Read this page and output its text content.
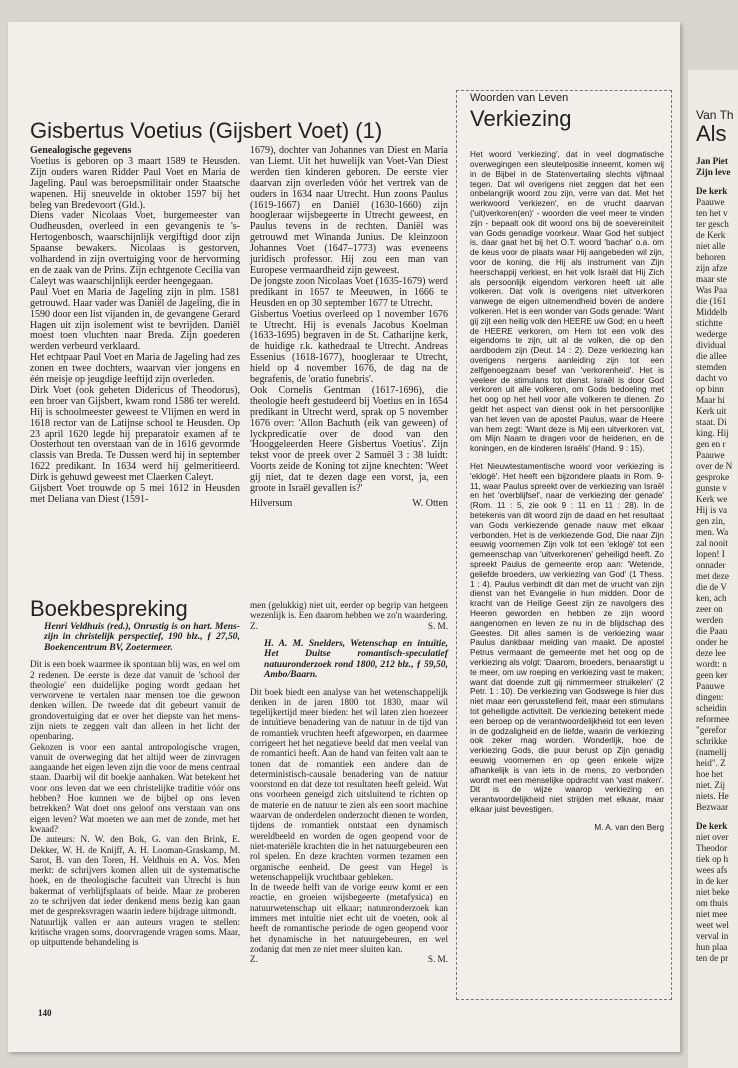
Van Th
Als
Jan Piet
Zijn leve
De kerk
Paauwe
ten het v
ter gesch
de Kerk
niet alle
behoren
zijn afze
maar ste
Was Paa
die (161
Middelb
stichtte
wederge
dividual
die allee
stemden
dacht vo
op binn
Maar hi
Kerk uit
staat. Di
king. Hij
gen en r
Paauwe
over de N
gesproke
gunste v
Kerk we
Hij is va
gen zin,
men. Wa
zal nooit
lopen! I
onnader
met deze
die de V
ken, ach
zeer on
werden
die Paau
onder he
deze lee
wordt: n
geen ker
Paauwe
dingen:
scheidin
reformee
"gerefor
schrikke
(namelij
heid". Z
hoe het
niet. Zij
niets. He
Bezwaar
De kerk
niet over
Theodor
tiek op h
wees afs
in de ker
niet beke
om thuis
niet mee
weet wel
verval in
hun plaa
ten de pr
Gisbertus Voetius (Gijsbert Voet) (1)
Genealogische gegevens

Voetius is geboren op 3 maart 1589 te Heusden. Zijn ouders waren Ridder Paul Voet en Maria de Jageling. Paul was beroepsmilitair onder Staatsche wapenen. Hij sneuvelde in oktober 1597 bij het beleg van Bredevoort (Gld.).

Diens vader Nicolaas Voet, burgemeester van Oudheusden, overleed in een gevangenis te 's-Hertogenbosch, waarschijnlijk vergiftigd door zijn Spaanse bewakers. Nicolaas is gestorven, volhardend in zijn overtuiging voor de hervorming en de zaak van de Prins. Zijn echtgenote Cecilia van Caleyt was waarschijnlijk eerder heengegaan.

Paul Voet en Maria de Jageling zijn in plm. 1581 getrouwd. Haar vader was Daniël de Jageling, die in 1590 door een list vijanden in, de gevangene Gerard Hagen uit zijn isolement wist te bevrijden. Daniël moest toen vluchten naar Breda. Zijn goederen werden verbeurd verklaard.

Het echtpaar Paul Voet en Maria de Jageling had zes zonen en twee dochters, waarvan vier jongens en één meisje op jeugdige leeftijd zijn overleden.

Dirk Voet (ook geheten Didericus of Theodorus), een broer van Gijsbert, kwam rond 1586 ter wereld. Hij is schoolmeester geweest te Vlijmen en werd in 1618 rector van de Latijnse school te Heusden. Op 23 april 1620 legde hij preparatoir examen af te Oosterhout ten overstaan van de in 1616 gevormde classis van Breda. Te Dussen werd hij in september 1622 predikant. In 1634 werd hij gelmeritieerd. Dirk is gehuwd geweest met Claerken Caleyt.

Gijsbert Voet trouwde op 5 mei 1612 in Heusden met Deliana van Diest (1591-

1679), dochter van Johannes van Diest en Maria van Liemt. Uit het huwelijk van Voet-Van Diest werden tien kinderen geboren. De eerste vier daarvan zijn overleden vóór het vertrek van de ouders in 1634 naar Utrecht. Hun zoons Paulus (1619-1667) en Daniël (1630-1660) zijn hoogleraar wijsbegeerte in Utrecht geweest, en Paulus tevens in de rechten. Daniël was getrouwd met Winanda Junius. De kleinzoon Johannes Voet (1647–1773) was eveneens juridisch professor. Hij zou een man van Europese vermaardheid zijn geweest.

De jongste zoon Nicolaas Voet (1635-1679) werd predikant in 1657 te Meeuwen, in 1666 te Heusden en op 30 september 1677 te Utrecht.

Gisbertus Voetius overleed op 1 november 1676 te Utrecht. Hij is evenals Jacobus Koelman (1633-1695) begraven in de St. Catharijne kerk, de huidige r.k. kathedraal te Utrecht. Andreas Essenius (1618-1677), hoogleraar te Utrecht, hield op 4 november 1676, de dag na de begrafenis, de 'oratio funebris'.

Ook Cornelis Gentman (1617-1696), die theologie heeft gestudeerd bij Voetius en in 1654 predikant in Utrecht werd, sprak op 5 november 1676 over: 'Allon Bachuth (eik van geween) of lyckpredicatie over de dood van den 'Hooggeleerden Heere Gisbertus Voetius'. Zijn tekst voor de preek over 2 Samuël 3 : 38 luidt: Voorts zeide de Koning tot zijne knechten: 'Weet gij niet, dat te dezen dage een vorst, ja, een groote in Israël gevallen is?'

Hilversum	W. Otten
Boekbespreking
Henri Veldhuis (red.), Onrustig is on hart. Mens-zijn in christelijk perspectief, 190 blz., ƒ 27,50, Boekencentrum BV, Zoetermeer.

Dit is een boek waarmee ik spontaan blij was, en wel om 2 redenen. De eerste is deze dat vanuit de 'school der theologie' een duidelijke poging wordt gedaan het verworvene te vertalen naar mensen toe die gewoon denken willen. De tweede dat dit gebeurt vanuit de grondovertuiging dat er over het diepste van het mens-zijn niets te zeggen valt dan alleen in het licht der openbaring.

Gekozen is voor een aantal antropologische vragen, vanuit de overweging dat het altijd weer de zinvragen aangaande het eigen leven zijn die voor de mens centraal staan. Daarbij wil dit boekje aanhaken. Wat betekent het voor ons leven dat we een christelijke traditie vóór ons hebben? Hoe kunnen we de bijbel op ons leven betrekken? Wat doet ons geloof ons verstaan van ons eigen leven? Wat moeten we aan met de zonde, met het kwaad?

De auteurs: N. W. den Bok, G. van den Brink, E. Dekker, W. H. de Knijff, A. H. Looman-Graskamp, M. Sarot, B. van den Toren, H. Veldhuis en A. Vos. Men merkt: de schrijvers komen allen uit de systematische hoek, en de theologische faculteit van Utrecht is hun bakermat of verblijfsplaats of beide. Maar ze proberen zo te schrijven dat ieder denkend mens bezig kan gaan met de gespreksvragen waarin iedere bijdrage uitmondt.

Natuurlijk vallen er aan auteurs vragen te stellen: kritische vragen soms, doorvragende vragen soms. Maar, op uitputtende behandeling is

men (gelukkig) niet uit, eerder op begrip van hetgeen wezenlijk is. Een daarom hebben we zo'n waardering.

Z.	S. M.
H. A. M. Snelders, Wetenschap en intuïtie, Het Duitse romantisch-speculatief natuuronderzoek rond 1800, 212 blz., ƒ 59,50, Ambo/Baarn.

Dit boek biedt een analyse van het wetenschappelijk denken in de jaren 1800 tot 1830, maar wil tegelijkertijd meer bieden: het wil laten zien hoezeer de intuïtieve benadering van de natuur in de tijd van de romantiek vruchten heeft afgeworpen, en daarmee corrigeert het het negatieve beeld dat men veelal van de romantici heeft. Aan de hand van feiten valt aan te tonen dat de romantiek een andere dan de deterministisch-causale benadering van de natuur voorstond en dat deze tot resultaten heeft geleid. Wat ons voorheen geneigd zich uitsluitend te richten op de materie en de natuur te zien als een soort machine waarvan de onderdelen onderzocht dienen te worden, tijdens de romantiek ontstaat een dynamisch wereldbeeld en worden de ogen geopend voor de niet-materiële krachten die in het natuurgebeuren een rol spelen. En deze krachten vormen tezamen een organische eenheid. De geest van Hegel is wetenschappelijk vruchtbaar gebleken.

In de tweede helft van de vorige eeuw komt er een reactie, en groeien wijsbegeerte (metafysica) en natuurwetenschap uit elkaar; natuuronderzoek kan immers met intuïtie niet echt uit de voeten, ook al heeft de romantische periode de ogen geopend voor het dynamische in het natuurgebeuren, en wel zodanig dat men ze niet meer sluiten kan.

Z.	S. M.
Woorden van Leven
Verkiezing

Het woord 'verkiezing', dat in veel dogmatische overwegingen een sleutelpositie inneemt, komen wij in de Bijbel in de Statenvertaling slechts vijfmaal tegen. Dat wil overigens niet zeggen dat het een onbelangrijk woord zou zijn, verre van dat. Met het werkwoord 'verkiezen', en de vrucht daarvan ('uit)verkoren(en)' - woorden die veel meer te vinden zijn - bepaalt ook dit woord ons bij de soevereiniteit van Gods genadige voorkeur. Waar God het subject is, daar gaat het bij het O.T. woord 'bachar' o.a. om de keus voor de plaats waar Hij aangebeden wil zijn, voor de koning, die Hij als instrument van Zijn heerschappij verkiest, en het volk Israël dat Hij Zich als persoonlijk eigendom verkoren heeft uit alle volkeren. Dat volk is overigens niet uitverkoren vanwege de eigen uitnemendheid boven de andere volkeren. Het is een wonder van Gods genade: 'Want gij zijt een heilig volk den HEERE uw God; en u heeft de HEERE verkoren, om Hem tot een volk des eigendoms te zijn, uit al de volken, die op den aardbodem zijn (Deut. 14 : 2). Deze verkiezing kan overigens nergens aanleiding zijn tot een zelfgenoegzaam besef van 'verkorenheid'. Het is veeleer de stimulans tot dienst. Israël is door God verkoren uit alle volkeren, om Gods bedoeling met het oog op het heil voor alle volkeren te dienen. Zo geldt het aspect van dienst ook in het persoonlijke van het leven van de apostel Paulus, waar de Heere van hem zegt: 'Want deze is Mij een uitverkoren vat, om Mijn Naam te dragen voor de heidenen, en de koningen, en de kinderen Israëls' (Hand. 9 : 15).

Het Nieuwtestamentische woord voor verkiezing is 'eklogè'. Het heeft een bijzondere plaats in Rom. 9-11, waar Paulus spreekt over de verkiezing van Israël en het 'overblijfsel', naar de verkiezing der genade' (Rom. 11 : 5, zie ook 9 : 11 en 11 : 28). In de betekenis van dit woord zijn de daad en het resultaat van Gods verkiezende genade nauw met elkaar verbonden. Het is de verkiezende God, Die naar Zijn eeuwig voornemen Zijn volk tot een 'eklogè' tot een gemeenschap van 'uitverkorenen' geheiligd heeft. Zo spreekt Paulus de gemeente erop aan: 'Wetende, geliefde broeders, uw verkiezing van God' (1 Thess. 1 : 4). Paulus verbindt dit dan met de vrucht van zijn dienst van het Evangelie in hun midden. Door de kracht van de Heilige Geest zijn ze navolgers des Heeren geworden en hebben ze zijn woord aangenomen en leven ze nu in de blijdschap des Geestes. Dit alles samen is de verkiezing waar Paulus dankbaar melding van maakt. De apostel Petrus vermaant de gemeente met het oog op de verkiezing als volgt: 'Daarom, broeders, benaarstigt u te meer, om uw roeping en verkiezing vast te maken; want dat doende zult gij nimmermeer struikelen' (2 Petr. 1 : 10). De verkiezing van Godswege is hier dus niet maar een gerusstellend feit, maar een stimulans tot geheiligde activiteit. De verkiezing betekent mede een beroep op de verantwoordelijkheid tot een leven in de godzaligheid en de liefde, waarin de verkiezing ook zeker mag worden. Wonderlijk, hoe de verkiezing Gods, die puur berust op Zijn genadig eeuwig voornemen en op geen enkele wijze afhankelijk is van iets in de mens, zo verbonden wordt met een menselijke opdracht van 'vast maken'. Dit is de wijze waarop verkiezing en verantwoordelijkheid niet strijden met elkaar, maar elkaar juist bevestigen.

M. A. van den Berg
140
